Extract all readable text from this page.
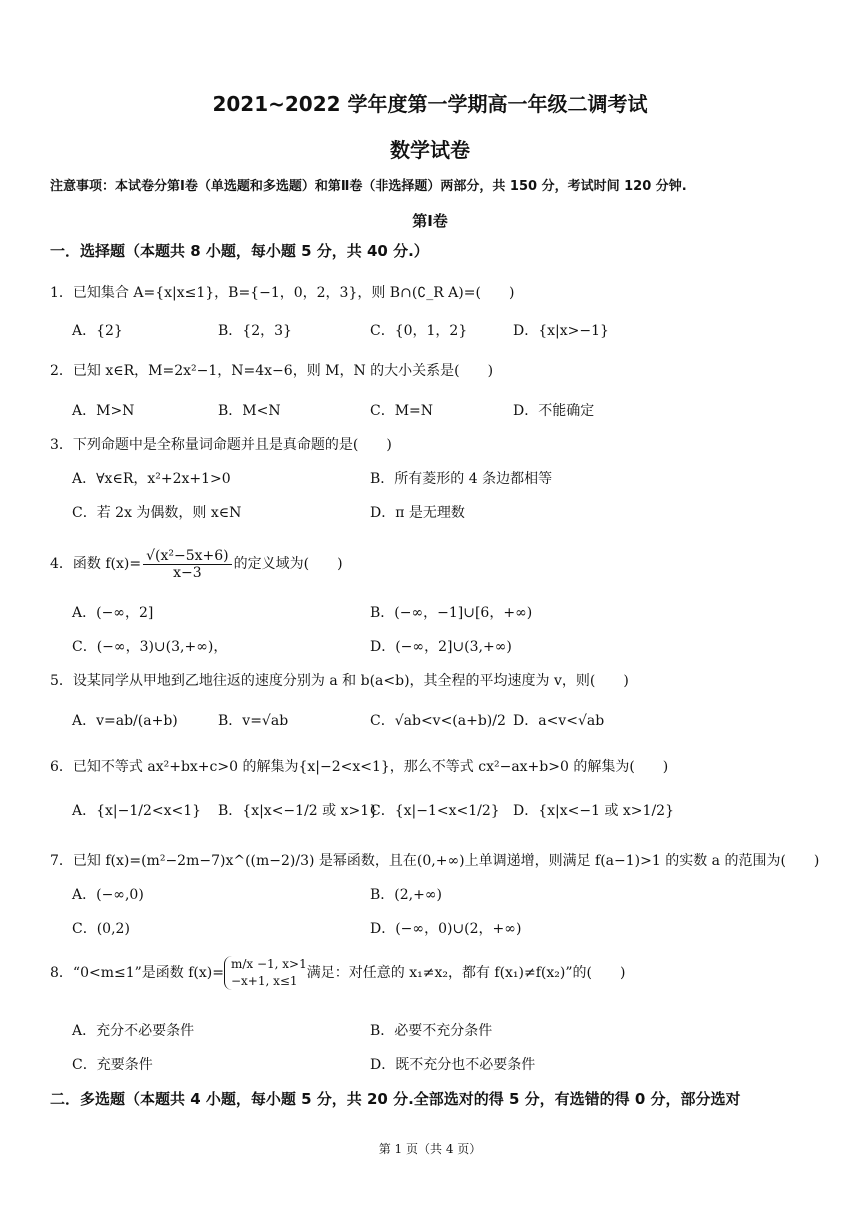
2021~2022 学年度第一学期高一年级二调考试
数学试卷
注意事项：本试卷分第Ⅰ卷（单选题和多选题）和第Ⅱ卷（非选择题）两部分，共 150 分，考试时间 120 分钟.
第Ⅰ卷
一．选择题（本题共 8 小题，每小题 5 分，共 40 分.）
1．已知集合 A={x|x≤1}，B={−1，0，2，3}，则 B∩(∁_R A)=(　　)
A．{2}	B．{2，3}	C．{0，1，2}	D．{x|x>−1}
2．已知 x∈R，M=2x²−1，N=4x−6，则 M，N 的大小关系是(　　)
A．M>N	B．M<N	C．M=N	D．不能确定
3．下列命题中是全称量词命题并且是真命题的是(　　)
A．∀x∈R，x²+2x+1>0	B．所有菱形的 4 条边都相等
C．若 2x 为偶数，则 x∈N	D．π 是无理数
4．函数 $f(x)= \frac{\text{√(x²−5x+6)}}{x-3}$ 的定义域为(　　)
A．(−∞，2]	B．(−∞，−1]∪[6，+∞)
C．(−∞，3)∪(3,+∞)，	D．(−∞，2]∪(3,+∞)
5．设某同学从甲地到乙地往返的速度分别为 a 和 b(a<b)，其全程的平均速度为 v，则(　　)
A．v=ab/(a+b)	B．v=√ab	C．√ab<v<(a+b)/2 D．a<v<√ab
6．已知不等式 ax²+bx+c>0 的解集为{x|−2<x<1}，那么不等式 cx²−ax+b>0 的解集为(　　)
A．{x|−1/2<x<1} B．{x|x<−1/2 或 x>1}
C．{x|−1<x<1/2} D．{x|x<−1 或 x>1/2}
7．已知 f(x)=(m²−2m−7)x^((m−2)/3) 是幂函数，且在(0,+∞)上单调递增，则满足 f(a−1)>1 的实数 a 的范围为(　　)
A．(−∞,0)	B．(2,+∞)
C．(0,2)	D．(−∞，0)∪(2，+∞)
8．“0<m≤1”是函数 f(x)=
m/x −1, x>1
−x+1, x≤1 满足：对任意的 x₁≠x₂，都有 f(x₁)≠f(x₂)”的(　　)
A．充分不必要条件	B．必要不充分条件
C．充要条件	D．既不充分也不必要条件
二．多选题（本题共 4 小题，每小题 5 分，共 20 分.全部选对的得 5 分，有选错的得 0 分，部分选对
第 1 页（共 4 页）
